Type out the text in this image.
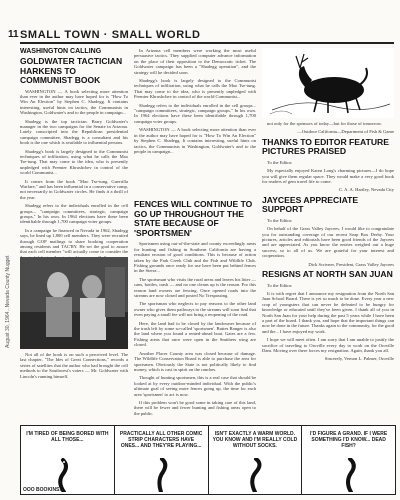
11 SMALL TOWN · SMALL WORLD
August 30, 1964...Nevada County Nugget
WASHINGTON CALLING
GOLDWATER TACTICIAN HARKENS TO COMMUNIST BOOK

WASHINGTON — A book selecting more attention than ever in the author may have hoped for is "How To Win An Election" by Stephen C. Shadegg. It contains interesting, useful hints on tactics, the Communists in Washington, Goldwater's and to the people in campaign...

Shadegg is the top tactician. Barry Goldwater's manager in the two campaigns for the Senate in Arizona. Lately conscripted into the Republican presidential campaign committee, Shadegg is a consultant and his book is the one which is available to influential persons.

Shadegg's book is largely designed to the Communist techniques of infiltration, using what he calls the Mao Tse-tung. That may come to the idea, who is presently unpledged with Premier Khrushchev in control of the world Communist...

It comes from the book "Mao Tse-tung. Guerrilla Warfare," and has been influential in a conservative camp, not necessarily in Goldwater circles. He finds it a thrill of the year.

Shadegg refers to the individuals enrolled in the cell groups... "campaign committees, strategic, campaign groups," In his own. In 1964 elections have these been identifiable through 1,700 campaign voter groups.

In a campaign he financed in Nevada in 1962, Shadegg says, he lined up 1,800 cell members. They were recruited through GOP mailings to share booking cooperation among residents and TAC'RY. He set the goal to assure that each cell member "will actually come to consider the

Not all of the book is on such a perceived level. The last chapter, "The Ides of Great Connections," records a series of satellites that the author who had brought the cell methods to the Southwest's voters — Mr. Goldwater with Lincoln's running himself.

FENCES WILL CONTINUE TO GO UP THROUGHOUT THE STATE BECAUSE OF 'SPORTSMEN'

Sportsmen using out-of-the-state and county exceedingly areas for hunting and fishing in Southern California are having a resultant erosion of good conditions. This is because of action taken by the Park Creek Club and the Fish and Wildlife Club. Fishing grounds once ready for use have been put behind fences in the Sierra...

The sportsman who visits the rural areas and leaves his litter — cans, bottles, trash — and no one cleans up is the reason. For this reason land owners are fencing. Once opened roads into the streams are now closed and posted No Trespassing.

The sportsman who neglects to pay reasons to the other land owner who gives them pathways to the streams will soon find that even paying a small fee will not bring a reopening of the road.

Here, the land had to be closed by the landowner because of the trash left by some so-called 'sportsmen'. Buttes Ranger is also the land where you found a rented-ahead boat. Gates are a few. Fishing areas that once were open in the Smithers wing are closed.

Another Placer County area was closed because of damage. The Wildlife Conservation Board is able to purchase the area for sportsmen. Obviously the State is not politically likely to find money, which is cast in spirit on the ranches.

Thought of hunting sportsmen, this is a real case that should be looked at by every outdoor-minded individual. With the public's ultimate goal of seeing more fences going up, the time for each area 'sportsmen' to act is now.

If this problem won't be good some in taking care of this land, there will be fewer and fewer hunting and fishing areas open to the public.

In Arizona cell members were working the most useful persuasive tactics. They supplied computer advance information on the place of their opposition to the Democratic ticket. The Goldwater campaign has been a "Shadegg operation", and the strategy will be decided soon.

Shadegg's book is largely designed to the Communist techniques of infiltration, using what he calls the Mao Tse-tung. That may come to the idea, who is presently unpledged with Premier Khrushchev in control of the world Communist...

Shadegg refers to the individuals enrolled in the cell groups... "campaign committees, strategic, campaign groups," In his own. In 1964 elections have these been identifiable through 1,700 campaign voter groups.

WASHINGTON — A book selecting more attention than ever in the author may have hoped for is "How To Win An Election" by Stephen C. Shadegg. It contains interesting, useful hints on tactics, the Communists in Washington, Goldwater's and to the people in campaign...

not only for the sponsors of today—but for those of tomorrow.

—Outdoor California—Department of Fish & Game

THANKS TO EDITOR FEATURE PICTURES PRAISED

To the Editor:

My especially enjoyed Karen Long's charming pictures—I do hope you will give them regular space. They would make a very good book for readers of gem travel life to come.

C. A. A. Hartley, Nevada City

JAYCEES APPRECIATE SUPPORT

To the Editor:

On behalf of the Grass Valley Jaycees, I would like to congratulate you for outstanding coverage of our recent Soap Box Derby. Your pictures, articles and editorials have been good friends of the Jaycees and are appreciated. As you know the entries weighed out a huge success, so to all of us. We are grateful for your interest and cooperation.

Dick Scrivner, President, Grass Valley Jaycees

RESIGNS AT NORTH SAN JUAN

To the Editor:

It is with regret that I announce my resignation from the North San Juan School Board. There is yet so much to be done. Every year a new crop of youngsters that can never be defeated to be hungry for knowledge or educated until they've been given. I thank all of you in North San Juan for your help during the past 5 years while I have been a part of the board. I thank you, and hope that the important things can now be done in the future. Thanks again to the community, for the good and the... I have enjoyed my work.

I hope we will meet often. I am sorry that I am unable to justify the sacrifice of traveling to Oroville every day to work on the Oroville Dam. Moving over there forces my resignation. Again, thank you all.

Sincerely, Vernon L. Palmer, Oroville

I'M TIRED OF BEING BORED WITH ALL THOSE...
OOO BOOKINS...
PRACTICALLY ALL OTHER COMIC STRIP CHARACTERS HAVE ONES... AND THEY'RE PLAYING...
ISN'T EXACTLY A WARM WORLD. YOU KNOW AND I'M REALLY COLD WITHOUT SOCKS.
I'D FIGURE A GRAND. IF I WERE SOMETHING I'D KNOW... DEAD FISH?
